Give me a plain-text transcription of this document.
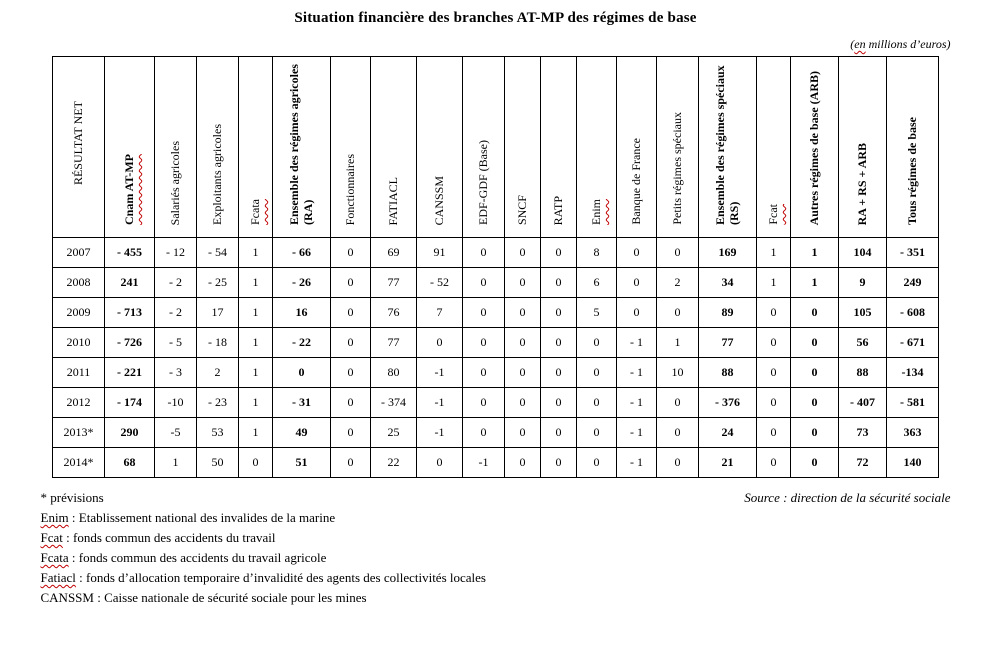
Situation financière des branches AT-MP des régimes de base
(en millions d’euros)
RÉSULTAT NET	Cnam AT-MP	Salariés agricoles	Exploitants agricoles	Fcata	Ensemble des régimes agricoles (RA)	Fonctionnaires	FATIACL	CANSSM	EDF-GDF (Base)	SNCF	RATP	Enim	Banque de France	Petits régimes spéciaux	Ensemble des régimes spéciaux (RS)	Fcat	Autres régimes de base (ARB)	RA + RS + ARB	Tous régimes de base
2007	- 455	- 12	- 54	1	- 66	0	69	91	0	0	0	8	0	0	169	1	1	104	- 351
2008	241	- 2	- 25	1	- 26	0	77	- 52	0	0	0	6	0	2	34	1	1	9	249
2009	- 713	- 2	17	1	16	0	76	7	0	0	0	5	0	0	89	0	0	105	- 608
2010	- 726	- 5	- 18	1	- 22	0	77	0	0	0	0	0	- 1	1	77	0	0	56	- 671
2011	- 221	- 3	2	1	0	0	80	-1	0	0	0	0	- 1	10	88	0	0	88	-134
2012	- 174	-10	- 23	1	- 31	0	- 374	-1	0	0	0	0	- 1	0	- 376	0	0	- 407	- 581
2013*	290	-5	53	1	49	0	25	-1	0	0	0	0	- 1	0	24	0	0	73	363
2014*	68	1	50	0	51	0	22	0	-1	0	0	0	- 1	0	21	0	0	72	140
* prévisions	Source : direction de la sécurité sociale
Enim : Etablissement national des invalides de la marine
Fcat : fonds commun des accidents du travail
Fcata : fonds commun des accidents du travail agricole
Fatiacl : fonds d’allocation temporaire d’invalidité des agents des collectivités locales
CANSSM : Caisse nationale de sécurité sociale pour les mines
